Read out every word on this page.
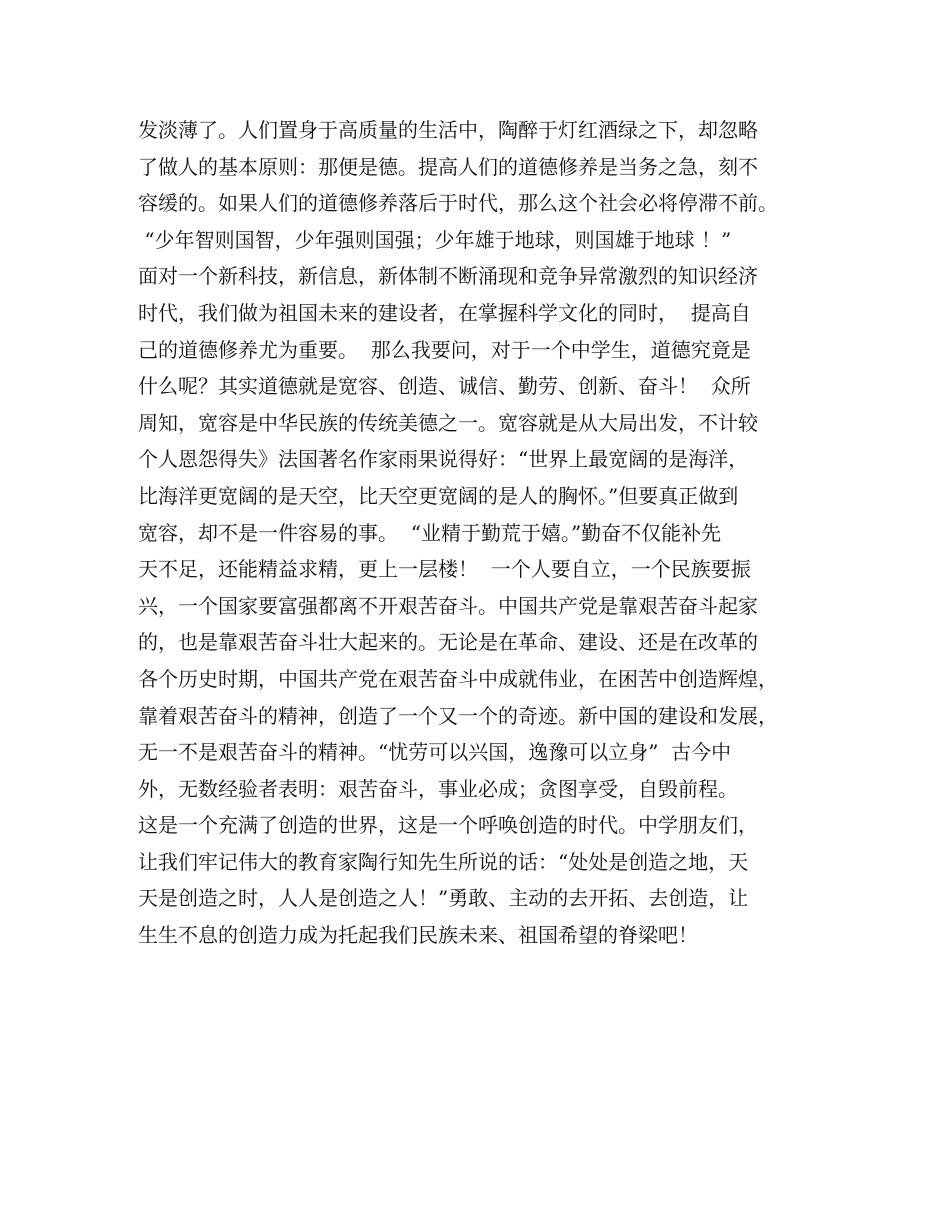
发淡薄了。人们置身于高质量的生活中，陶醉于灯红酒绿之下，却忽略
了做人的基本原则：那便是德。提高人们的道德修养是当务之急，刻不
容缓的。如果人们的道德修养落后于时代，那么这个社会必将停滞不前。
“少年智则国智，少年强则国强；少年雄于地球，则国雄于地球 ！”
面对一个新科技，新信息，新体制不断涌现和竞争异常激烈的知识经济
时代，我们做为祖国未来的建设者，在掌握科学文化的同时，  提高自
己的道德修养尤为重要。  那么我要问，对于一个中学生，道德究竟是
什么呢？其实道德就是宽容、创造、诚信、勤劳、创新、奋斗！  众所
周知，宽容是中华民族的传统美德之一。宽容就是从大局出发，不计较
个人恩怨得失》法国著名作家雨果说得好：“世界上最宽阔的是海洋，
比海洋更宽阔的是天空，比天空更宽阔的是人的胸怀。”但要真正做到
宽容，却不是一件容易的事。  “业精于勤荒于嬉。”勤奋不仅能补先
天不足，还能精益求精，更上一层楼！  一个人要自立，一个民族要振
兴，一个国家要富强都离不开艰苦奋斗。中国共产党是靠艰苦奋斗起家
的，也是靠艰苦奋斗壮大起来的。无论是在革命、建设、还是在改革的
各个历史时期，中国共产党在艰苦奋斗中成就伟业，在困苦中创造辉煌，
靠着艰苦奋斗的精神，创造了一个又一个的奇迹。新中国的建设和发展，
无一不是艰苦奋斗的精神。“忧劳可以兴国，逸豫可以立身”  古今中
外，无数经验者表明：艰苦奋斗，事业必成；贪图享受，自毁前程。
这是一个充满了创造的世界，这是一个呼唤创造的时代。中学朋友们，
让我们牢记伟大的教育家陶行知先生所说的话：“处处是创造之地，天
天是创造之时，人人是创造之人！”勇敢、主动的去开拓、去创造，让
生生不息的创造力成为托起我们民族未来、祖国希望的脊梁吧！
